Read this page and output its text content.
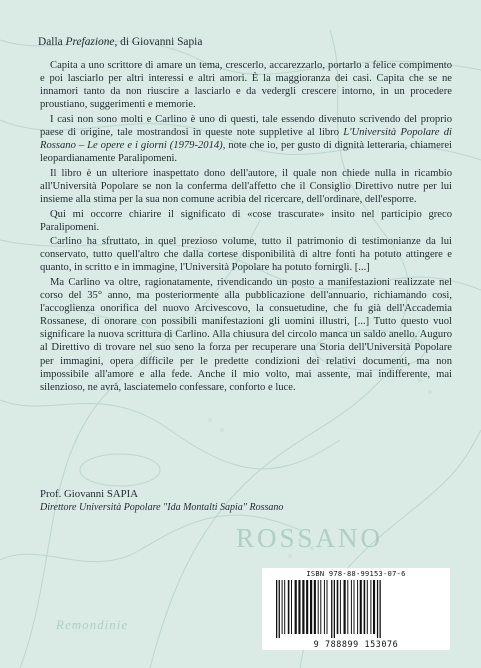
ROSSANO
Remondinie
Dalla Prefazione, di Giovanni Sapia

Capita a uno scrittore di amare un tema, crescerlo, accarezzarlo, portarlo a felice compimento e poi lasciarlo per altri interessi e altri amori. È la maggioranza dei casi. Capita che se ne innamori tanto da non riuscire a lasciarlo e da vedergli crescere intorno, in un procedere proustiano, suggerimenti e memorie.

I casi non sono molti e Carlino è uno di questi, tale essendo divenuto scrivendo del proprio paese di origine, tale mostrandosi in queste note suppletive al libro L'Università Popolare di Rossano – Le opere e i giorni (1979-2014), note che io, per gusto di dignità letteraria, chiamerei leopardianamente Paralipomeni.

Il libro è un ulteriore inaspettato dono dell'autore, il quale non chiede nulla in ricambio all'Università Popolare se non la conferma dell'affetto che il Consiglio Direttivo nutre per lui insieme alla stima per la sua non comune acribia del ricercare, dell'ordinare, dell'esporre.

Qui mi occorre chiarire il significato di «cose trascurate» insito nel participio greco Paralipomeni.

Carlino ha sfruttato, in quel prezioso volume, tutto il patrimonio di testimonianze da lui conservato, tutto quell'altro che dalla cortese disponibilità di altre fonti ha potuto attingere e quanto, in scritto e in immagine, l'Università Popolare ha potuto fornirgli. [...]

Ma Carlino va oltre, ragionatamente, rivendicando un posto a manifestazioni realizzate nel corso del 35° anno, ma posteriormente alla pubblicazione dell'annuario, richiamando così, l'accoglienza onorifica del nuovo Arcivescovo, la consuetudine, che fu già dell'Accademia Rossanese, di onorare con possibili manifestazioni gli uomini illustri, [...] Tutto questo vuol significare la nuova scrittura di Carlino. Alla chiusura del circolo manca un saldo anello. Auguro al Direttivo di trovare nel suo seno la forza per recuperare una Storia dell'Università Popolare per immagini, opera difficile per le predette condizioni dei relativi documenti, ma non impossibile all'amore e alla fede. Anche il mio volto, mai assente, mai indifferente, mai silenzioso, ne avrà, lasciatemelo confessare, conforto e luce.

Prof. Giovanni SAPIA
Direttore Università Popolare "Ida Montalti Sapia" Rossano
ISBN 978-88-99153-07-6
9 788899 153076
